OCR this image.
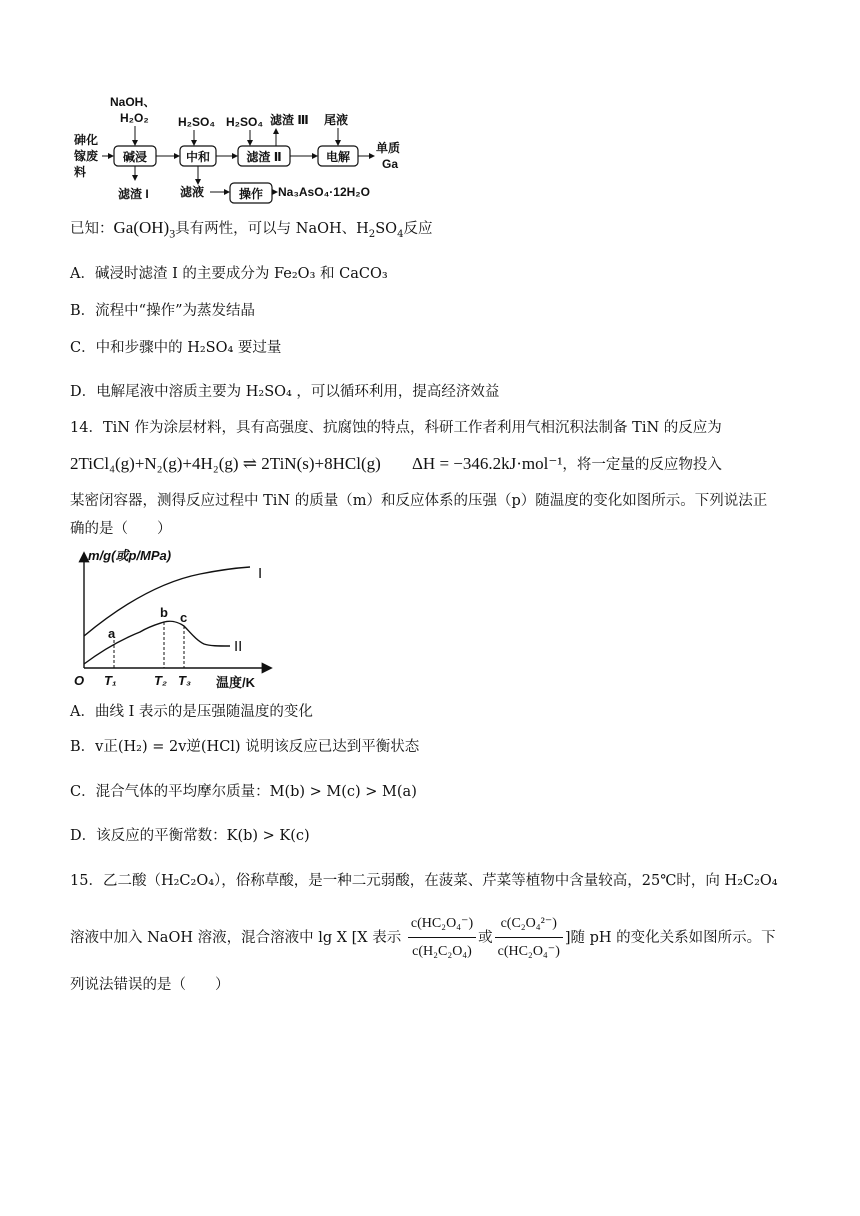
砷化
镓废
料
NaOH、
H₂O₂ H₂SO₄ H₂SO₄ 滤渣 Ⅲ 尾液
单质
Ga
滤渣 I	滤液	Na₃AsO₄·12H₂O
碱浸	中和	滤渣 Ⅱ	电解
操作
已知：$Ga(OH)_3$具有两性，可以与 NaOH、$H_2SO_4$反应
A．碱浸时滤渣 I 的主要成分为 Fe₂O₃ 和 CaCO₃
B．流程中“操作”为蒸发结晶
C．中和步骤中的 H₂SO₄ 要过量
D．电解尾液中溶质主要为 H₂SO₄ ，可以循环利用，提高经济效益
14．TiN 作为涂层材料，具有高强度、抗腐蚀的特点，科研工作者利用气相沉积法制备 TiN 的反应为
2TiCl₄(g)+N₂(g)+4H₂(g) ⇌ 2TiN(s)+8HCl(g) ΔH = −346.2kJ·mol⁻¹，将一定量的反应物投入
某密闭容器，测得反应过程中 TiN 的质量（m）和反应体系的压强（p）随温度的变化如图所示。下列说法正
确的是（　　）
m/g(或p/MPa)
O T₁	T₂ T₃
a
b c
温度/K
I
II
A．曲线 I 表示的是压强随温度的变化
B．v正(H₂) = 2v逆(HCl) 说明该反应已达到平衡状态
C．混合气体的平均摩尔质量：M(b) > M(c) > M(a)
D．该反应的平衡常数：K(b) > K(c)
15．乙二酸（H₂C₂O₄），俗称草酸，是一种二元弱酸，在菠菜、芹菜等植物中含量较高，25℃时，向 H₂C₂O₄
溶液中加入 NaOH 溶液，混合溶液中 lg X [X 表示 $\frac{\text{c(HC₂O₄⁻)}}{\text{c(H₂C₂O₄)}}$ 或 $\frac{\text{c(C₂O₄²⁻)}}{\text{c(HC₂O₄⁻)}}$ ]随 pH 的变化关系如图所示。下
列说法错误的是（　　）
